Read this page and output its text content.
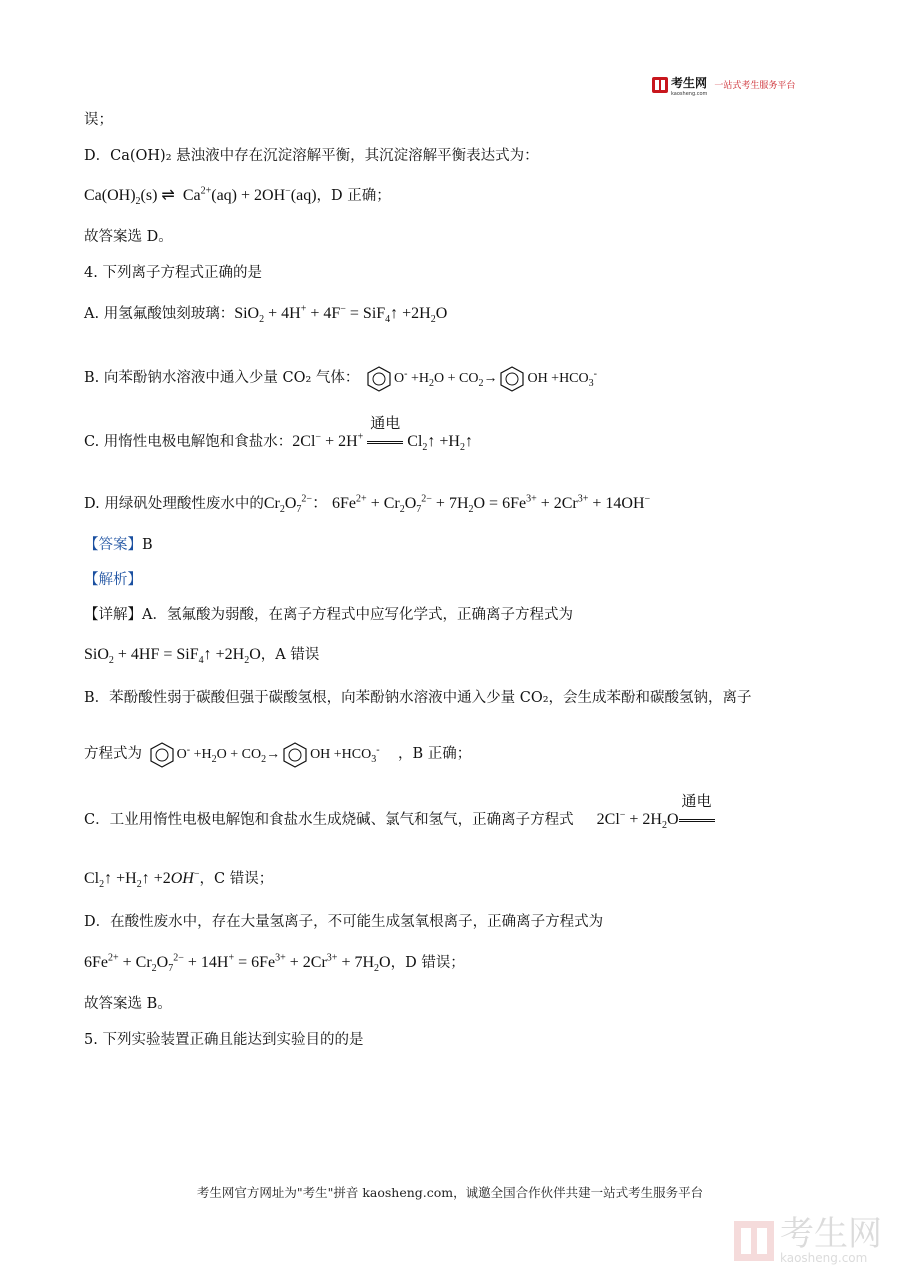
考生网
kaosheng.com
一站式考生服务平台
误；
D．Ca(OH)₂ 悬浊液中存在沉淀溶解平衡，其沉淀溶解平衡表达式为：
$Ca(OH)_2(s)$ ⇌  $Ca^{2+}(aq) + 2OH^-(aq)$，D 正确；
故答案选 D。
4. 下列离子方程式正确的是
A. 用氢氟酸蚀刻玻璃：SiO$_2$ + 4H+ + 4F− = SiF$_4$↑ $+2H_2O$
B. 向苯酚钠水溶液中通入少量 CO₂ 气体： $O^- +H_2O + CO_2\to$ OH $+HCO_3^-$
C. 用惰性电极电解饱和食盐水：2Cl− + 2H+
通电
$Cl_2↑$ $+H_2↑$
D. 用绿矾处理酸性废水中的$Cr_2O_7^{2-}$： $6Fe^{2+} + Cr_2O_7^{2-} + 7H_2O = 6Fe^{3+} + 2Cr^{3+} + 14OH^-$
【答案】B
【解析】
【详解】A．氢氟酸为弱酸，在离子方程式中应写化学式，正确离子方程式为
SiO$_2$ + 4HF = SiF$_4$↑ $+2H_2O$，A 错误
B．苯酚酸性弱于碳酸但强于碳酸氢根，向苯酚钠水溶液中通入少量 CO₂，会生成苯酚和碳酸氢钠，离子
方程式为 $O^- +H_2O + CO_2\to$ OH $+HCO_3^-$ ，B 正确；
C．工业用惰性电极电解饱和食盐水生成烧碱、氯气和氢气，正确离子方程式 $2Cl^- + 2H_2O$
通电
$Cl_2↑$ $+H_2↑ +2OH^-$，C 错误；
D．在酸性废水中，存在大量氢离子，不可能生成氢氧根离子，正确离子方程式为
$6Fe^{2+} + Cr_2O_7^{2-} + 14H^+ = 6Fe^{3+} + 2Cr^{3+} + 7H_2O$，D 错误；
故答案选 B。
5. 下列实验装置正确且能达到实验目的的是
考生网官方网址为"考生"拼音 kaosheng.com，诚邀全国合作伙伴共建一站式考生服务平台
考生网
kaosheng.com
